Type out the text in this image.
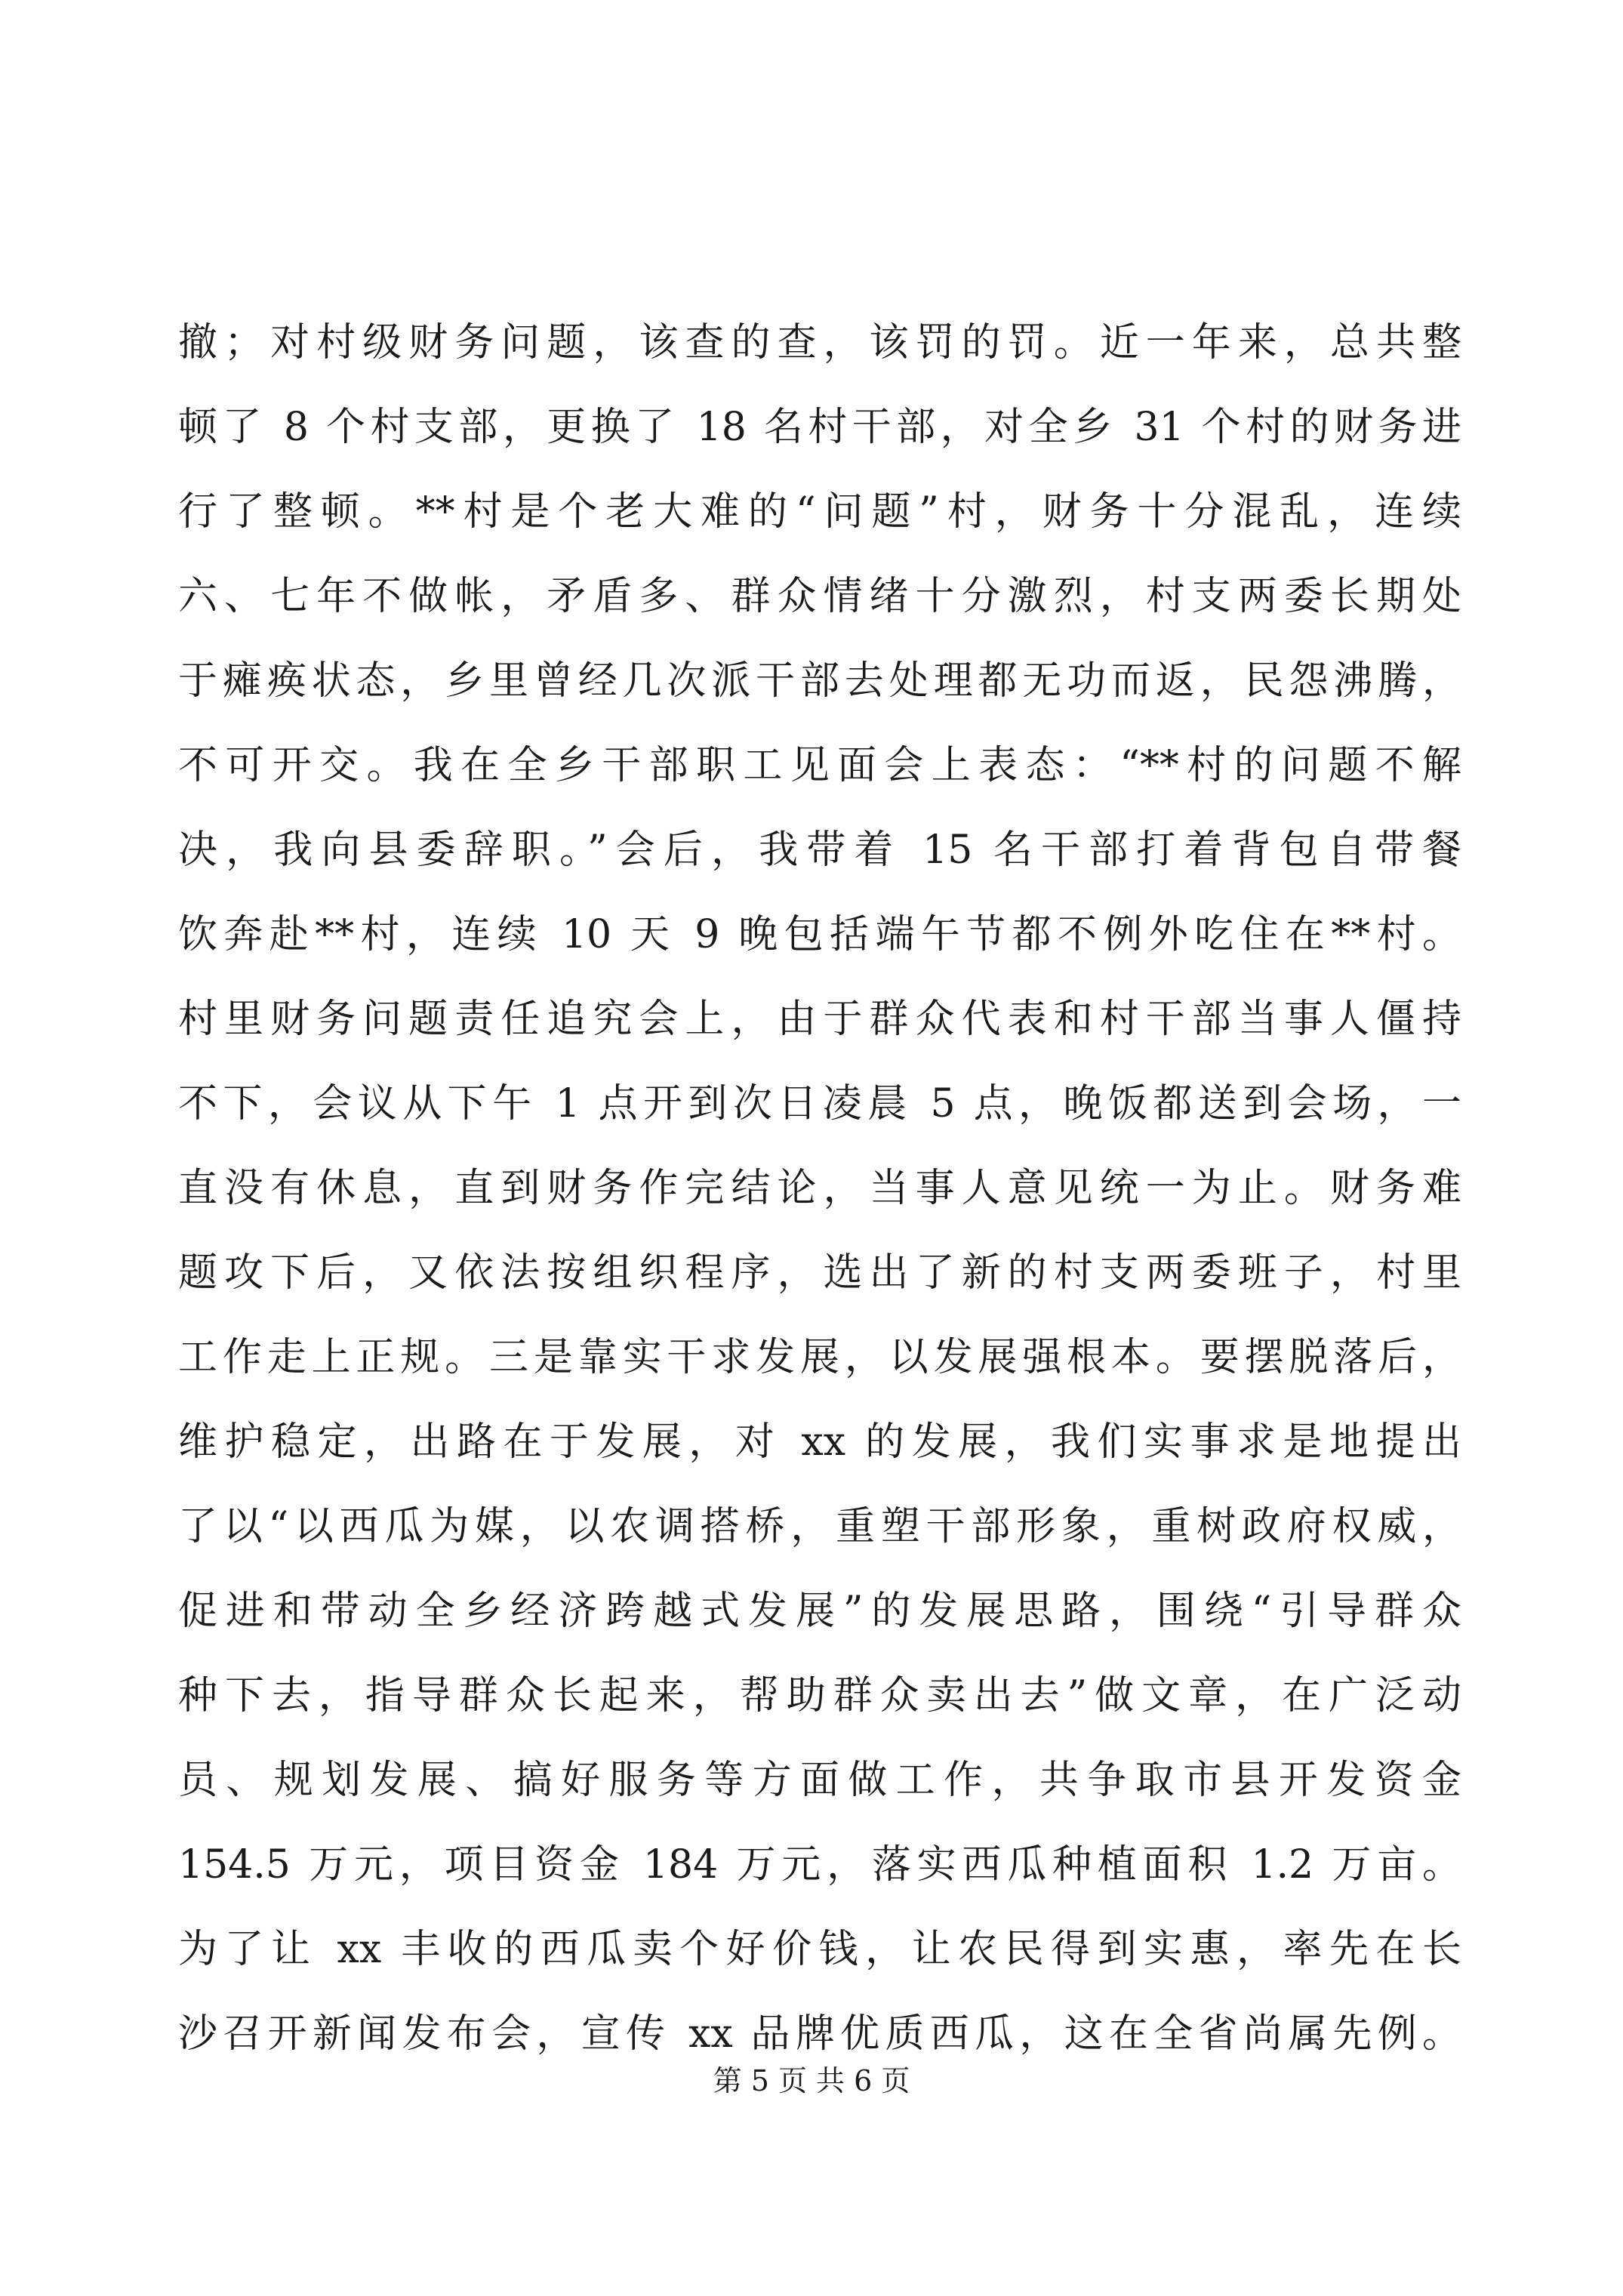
撤；对村级财务问题，该查的查，该罚的罚。近一年来，总共整
顿了 8 个村支部，更换了 18 名村干部，对全乡 31 个村的财务进
行了整顿。**村是个老大难的“问题”村，财务十分混乱，连续
六、七年不做帐，矛盾多、群众情绪十分激烈，村支两委长期处
于瘫痪状态，乡里曾经几次派干部去处理都无功而返，民怨沸腾，
不可开交。我在全乡干部职工见面会上表态：“**村的问题不解
决，我向县委辞职。”会后，我带着 15 名干部打着背包自带餐
饮奔赴**村，连续 10 天 9 晚包括端午节都不例外吃住在**村。
村里财务问题责任追究会上，由于群众代表和村干部当事人僵持
不下，会议从下午 1 点开到次日凌晨 5 点，晚饭都送到会场，一
直没有休息，直到财务作完结论，当事人意见统一为止。财务难
题攻下后，又依法按组织程序，选出了新的村支两委班子，村里
工作走上正规。三是靠实干求发展，以发展强根本。要摆脱落后，
维护稳定，出路在于发展，对 xx 的发展，我们实事求是地提出
了以“以西瓜为媒，以农调搭桥，重塑干部形象，重树政府权威，
促进和带动全乡经济跨越式发展”的发展思路，围绕“引导群众
种下去，指导群众长起来，帮助群众卖出去”做文章，在广泛动
员、规划发展、搞好服务等方面做工作，共争取市县开发资金
154.5 万元，项目资金 184 万元，落实西瓜种植面积 1.2 万亩。
为了让 xx 丰收的西瓜卖个好价钱，让农民得到实惠，率先在长
沙召开新闻发布会，宣传 xx 品牌优质西瓜，这在全省尚属先例。
第 5 页 共 6 页
